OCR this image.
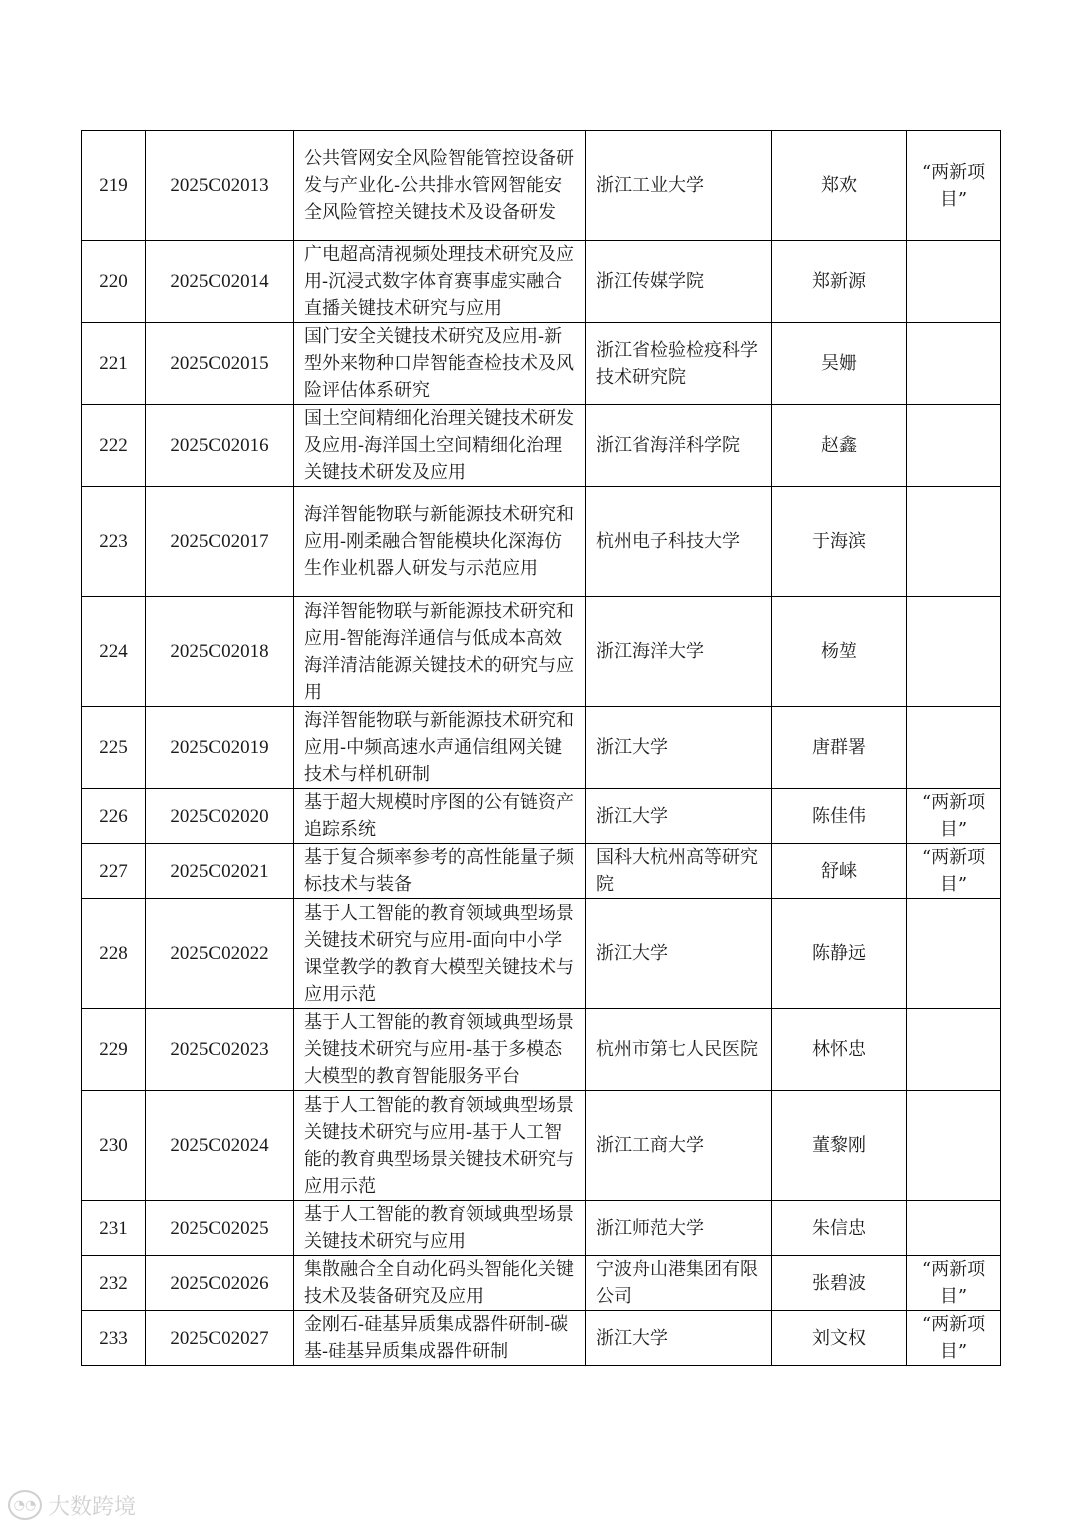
219	2025C02013	公共管网安全风险智能管控设备研发与产业化-公共排水管网智能安全风险管控关键技术及设备研发	浙江工业大学	郑欢	“两新项目”
220	2025C02014	广电超高清视频处理技术研究及应用-沉浸式数字体育赛事虚实融合直播关键技术研究与应用	浙江传媒学院	郑新源	
221	2025C02015	国门安全关键技术研究及应用-新型外来物种口岸智能查检技术及风险评估体系研究	浙江省检验检疫科学技术研究院	吴姗	
222	2025C02016	国土空间精细化治理关键技术研发及应用-海洋国土空间精细化治理关键技术研发及应用	浙江省海洋科学院	赵鑫	
223	2025C02017	海洋智能物联与新能源技术研究和应用-刚柔融合智能模块化深海仿生作业机器人研发与示范应用	杭州电子科技大学	于海滨	
224	2025C02018	海洋智能物联与新能源技术研究和应用-智能海洋通信与低成本高效海洋清洁能源关键技术的研究与应用	浙江海洋大学	杨堃	
225	2025C02019	海洋智能物联与新能源技术研究和应用-中频高速水声通信组网关键技术与样机研制	浙江大学	唐群署	
226	2025C02020	基于超大规模时序图的公有链资产追踪系统	浙江大学	陈佳伟	“两新项目”
227	2025C02021	基于复合频率参考的高性能量子频标技术与装备	国科大杭州高等研究院	舒崃	“两新项目”
228	2025C02022	基于人工智能的教育领域典型场景关键技术研究与应用-面向中小学课堂教学的教育大模型关键技术与应用示范	浙江大学	陈静远	
229	2025C02023	基于人工智能的教育领域典型场景关键技术研究与应用-基于多模态大模型的教育智能服务平台	杭州市第七人民医院	林怀忠	
230	2025C02024	基于人工智能的教育领域典型场景关键技术研究与应用-基于人工智能的教育典型场景关键技术研究与应用示范	浙江工商大学	董黎刚	
231	2025C02025	基于人工智能的教育领域典型场景关键技术研究与应用	浙江师范大学	朱信忠	
232	2025C02026	集散融合全自动化码头智能化关键技术及装备研究及应用	宁波舟山港集团有限公司	张碧波	“两新项目”
233	2025C02027	金刚石-硅基异质集成器件研制-碳基-硅基异质集成器件研制	浙江大学	刘文权	“两新项目”
◔◔ 大数跨境
